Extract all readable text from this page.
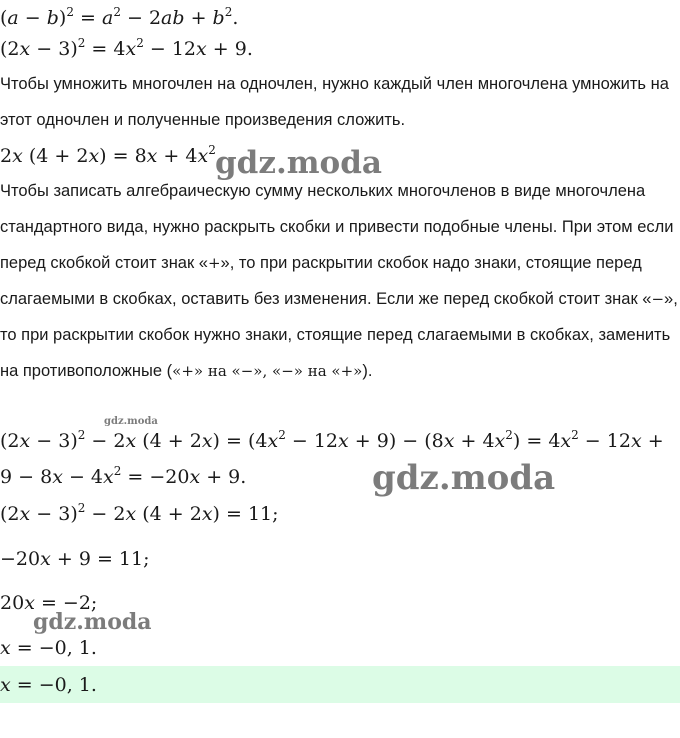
$(a - b)^2 = a^2 - 2ab + b^2$.
$(2x - 3)^2 = 4x^2 - 12x + 9$.
Чтобы умножить многочлен на одночлен, нужно каждый член многочлена умножить на этот одночлен и полученные произведения сложить.
2x $(4 + 2x) = 8x + 4x^2$
Чтобы записать алгебраическую сумму нескольких многочленов в виде многочлена стандартного вида, нужно раскрыть скобки и привести подобные члены. При этом если перед скобкой стоит знак «+», то при раскрытии скобок надо знаки, стоящие перед слагаемыми в скобках, оставить без изменения. Если же перед скобкой стоит знак «−», то при раскрытии скобок нужно знаки, стоящие перед слагаемыми в скобках, заменить на противоположные («+» на «−», «−» на «+»).
$(2x - 3)^2 - 2x$ $(4 + 2x) = (4x^2 - 12x + 9) - (8x + 4x^2) = 4x^2 - 12x$ +
$9 - 8x - 4x^2 = -20x + 9$.
$(2x - 3)^2 - 2x$ (4 + 2x) = 11;
−20x + 9 = 11;
20x = −2;
x = −0, 1.
x = −0, 1.
gdz.moda
gdz.moda
gdz.moda
gdz.moda
